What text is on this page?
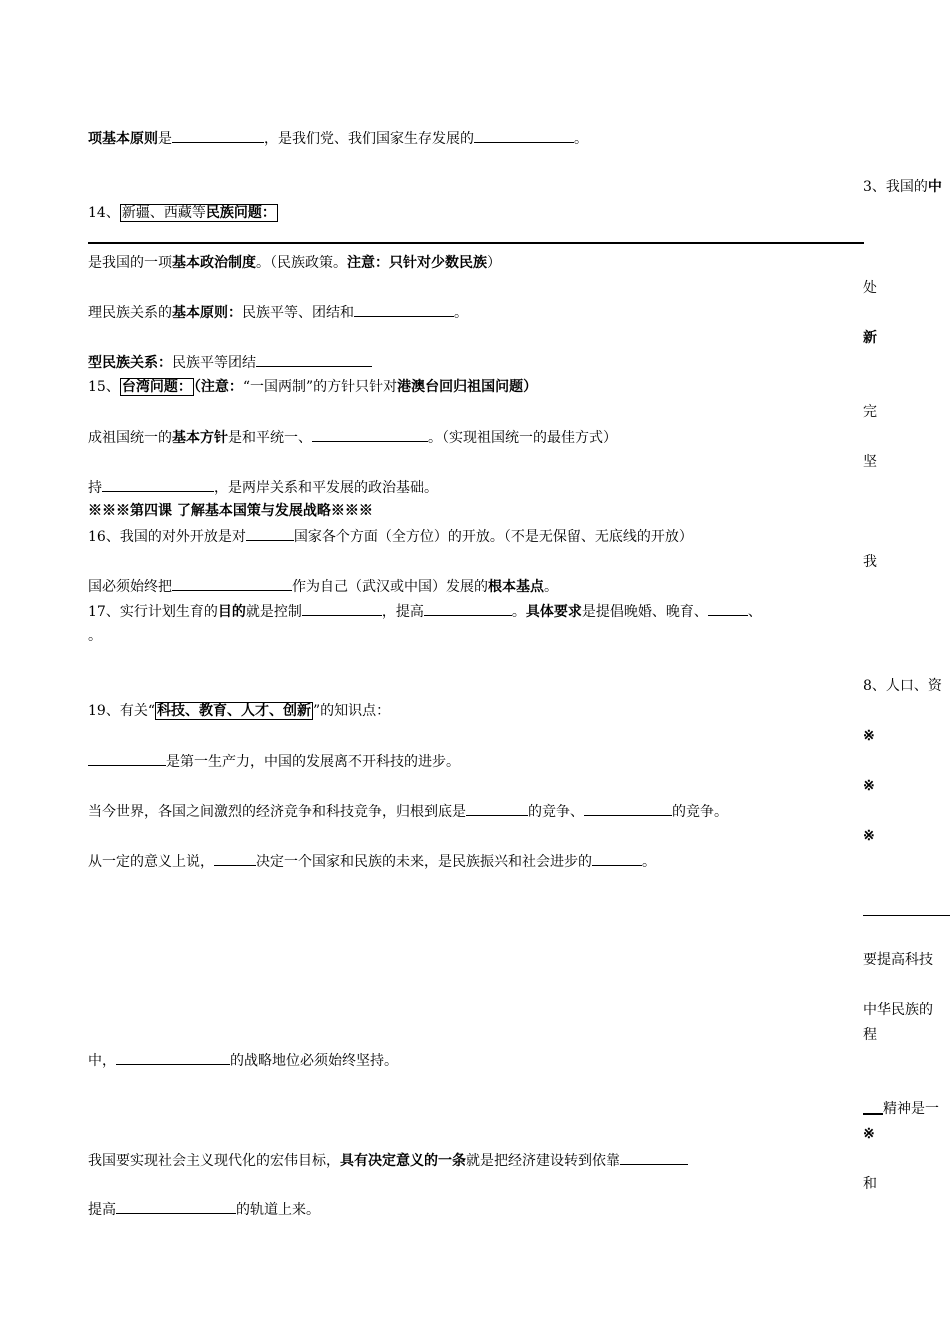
项基本原则是	，是我们党、我们国家生存发展的	。
14、 新疆、西藏等民族问题：
是我国的一项基本政治制度。（民族政策。注意：只针对少数民族）
理民族关系的基本原则：民族平等、团结和	。
型民族关系：民族平等团结
15、 台湾问题： （注意：“一国两制”的方针只针对港澳台回归祖国问题）
成祖国统一的基本方针是和平统一、	。（实现祖国统一的最佳方式）
持	，是两岸关系和平发展的政治基础。
※※※第四课 了解基本国策与发展战略※※※
16、我国的对外开放是对	国家各个方面（全方位）的开放。（不是无保留、无底线的开放）
国必须始终把	作为自己（武汉或中国）发展的根本基点。
17、实行计划生育的目的就是控制	，提高	。具体要求是提倡晚婚、晚育、	、
。
19、有关“ 科技、教育、人才、创新 ”的知识点：
是第一生产力，中国的发展离不开科技的进步。
当今世界，各国之间激烈的经济竞争和科技竞争，归根到底是	的竞争、	的竞争。
从一定的意义上说，	决定一个国家和民族的未来，是民族振兴和社会进步的	。
中，	的战略地位必须始终坚持。
我国要实现社会主义现代化的宏伟目标，具有决定意义的一条就是把经济建设转到依靠
提高	的轨道上来。
3、我国的中
处
新
完
坚
我
8、人口、资
※
※
※
要提高科技
中华民族的
程
精神是一
※
和
